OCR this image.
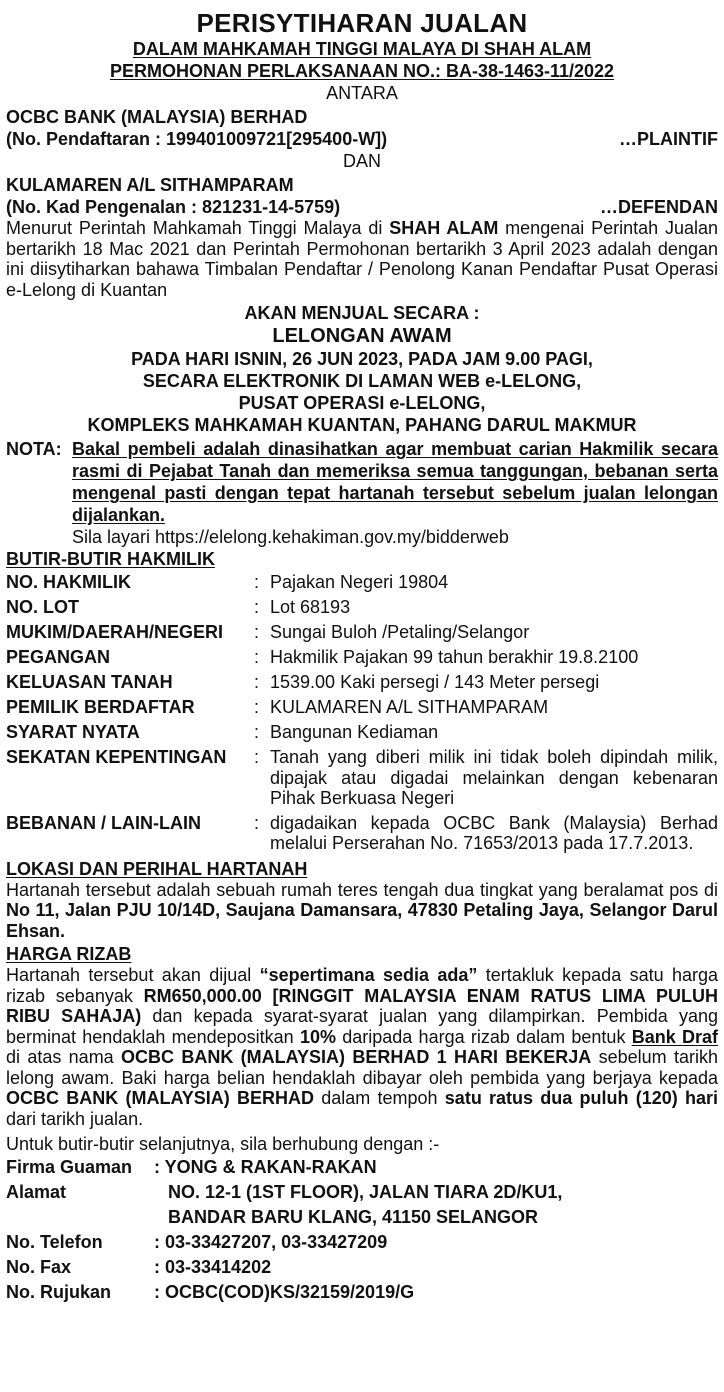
PERISYTIHARAN JUALAN
DALAM MAHKAMAH TINGGI MALAYA DI SHAH ALAM
PERMOHONAN PERLAKSANAAN NO.: BA-38-1463-11/2022
ANTARA
OCBC BANK (MALAYSIA) BERHAD
(No. Pendaftaran : 199401009721[295400-W])	…PLAINTIF
DAN
KULAMAREN A/L SITHAMPARAM
(No. Kad Pengenalan : 821231-14-5759)	…DEFENDAN
Menurut Perintah Mahkamah Tinggi Malaya di SHAH ALAM mengenai Perintah Jualan bertarikh 18 Mac 2021 dan Perintah Permohonan bertarikh 3 April 2023 adalah dengan ini diisytiharkan bahawa Timbalan Pendaftar / Penolong Kanan Pendaftar Pusat Operasi e-Lelong di Kuantan
AKAN MENJUAL SECARA :
LELONGAN AWAM
PADA HARI ISNIN, 26 JUN 2023, PADA JAM 9.00 PAGI,
SECARA ELEKTRONIK DI LAMAN WEB e-LELONG,
PUSAT OPERASI e-LELONG,
KOMPLEKS MAHKAMAH KUANTAN, PAHANG DARUL MAKMUR
NOTA: Bakal pembeli adalah dinasihatkan agar membuat carian Hakmilik secara rasmi di Pejabat Tanah dan memeriksa semua tanggungan, bebanan serta mengenal pasti dengan tepat hartanah tersebut sebelum jualan lelongan dijalankan.
Sila layari https://elelong.kehakiman.gov.my/bidderweb
BUTIR-BUTIR HAKMILIK
NO. HAKMILIK	: Pajakan Negeri 19804
NO. LOT	: Lot 68193
MUKIM/DAERAH/NEGERI	: Sungai Buloh /Petaling/Selangor
PEGANGAN	: Hakmilik Pajakan 99 tahun berakhir 19.8.2100
KELUASAN TANAH	: 1539.00 Kaki persegi / 143 Meter persegi
PEMILIK BERDAFTAR	: KULAMAREN A/L SITHAMPARAM
SYARAT NYATA	: Bangunan Kediaman
SEKATAN KEPENTINGAN	: Tanah yang diberi milik ini tidak boleh dipindah milik, dipajak atau digadai melainkan dengan kebenaran Pihak Berkuasa Negeri
BEBANAN / LAIN-LAIN	: digadaikan kepada OCBC Bank (Malaysia) Berhad melalui Perserahan No. 71653/2013 pada 17.7.2013.
LOKASI DAN PERIHAL HARTANAH
Hartanah tersebut adalah sebuah rumah teres tengah dua tingkat yang beralamat pos di No 11, Jalan PJU 10/14D, Saujana Damansara, 47830 Petaling Jaya, Selangor Darul Ehsan.
HARGA RIZAB
Hartanah tersebut akan dijual “sepertimana sedia ada” tertakluk kepada satu harga rizab sebanyak RM650,000.00 [RINGGIT MALAYSIA ENAM RATUS LIMA PULUH RIBU SAHAJA) dan kepada syarat-syarat jualan yang dilampirkan. Pembida yang berminat hendaklah mendepositkan 10% daripada harga rizab dalam bentuk Bank Draf di atas nama OCBC BANK (MALAYSIA) BERHAD 1 HARI BEKERJA sebelum tarikh lelong awam. Baki harga belian hendaklah dibayar oleh pembida yang berjaya kepada OCBC BANK (MALAYSIA) BERHAD dalam tempoh satu ratus dua puluh (120) hari dari tarikh jualan.
Untuk butir-butir selanjutnya, sila berhubung dengan :-
Firma Guaman	: YONG & RAKAN-RAKAN
Alamat	NO. 12-1 (1ST FLOOR), JALAN TIARA 2D/KU1,
BANDAR BARU KLANG, 41150 SELANGOR
No. Telefon	: 03-33427207, 03-33427209
No. Fax	: 03-33414202
No. Rujukan	: OCBC(COD)KS/32159/2019/G
